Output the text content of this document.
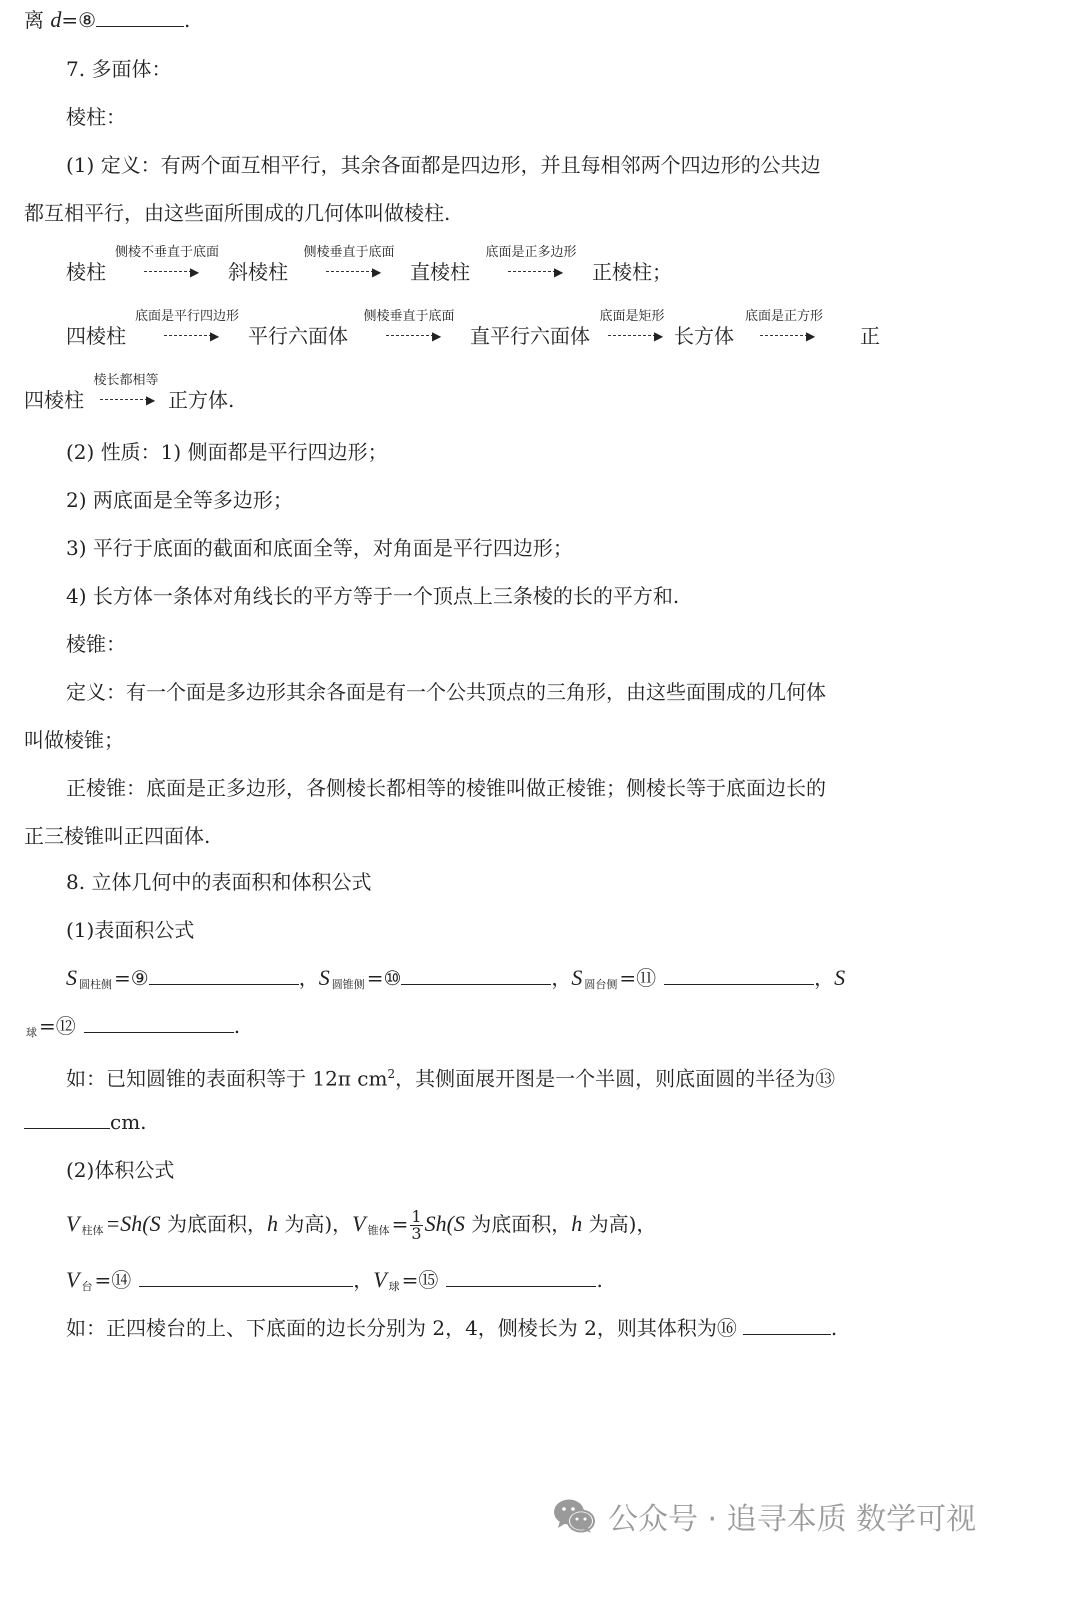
离 d=⑧	.
7. 多面体：
棱柱：
(1) 定义：有两个面互相平行，其余各面都是四边形，并且每相邻两个四边形的公共边
都互相平行，由这些面所围成的几何体叫做棱柱.
棱柱
侧棱不垂直于底面
▶ 斜棱柱
侧棱垂直于底面
▶ 直棱柱
底面是正多边形
▶ 正棱柱；
四棱柱
底面是平行四边形
▶ 平行六面体
侧棱垂直于底面
▶ 直平行六面体
底面是矩形
▶ 长方体
底面是正方形
▶ 正
四棱柱
棱长都相等
▶ 正方体.
(2) 性质：1) 侧面都是平行四边形；
2) 两底面是全等多边形；
3) 平行于底面的截面和底面全等，对角面是平行四边形；
4) 长方体一条体对角线长的平方等于一个顶点上三条棱的长的平方和.
棱锥：
定义：有一个面是多边形其余各面是有一个公共顶点的三角形，由这些面围成的几何体
叫做棱锥；
正棱锥：底面是正多边形，各侧棱长都相等的棱锥叫做正棱锥；侧棱长等于底面边长的
正三棱锥叫正四面体.
8. 立体几何中的表面积和体积公式
(1)表面积公式
S $_{圆柱侧}$ =⑨	，S $_{圆锥侧}$ =⑩	，S $_{圆台侧}$ =⑪	，S
$_球$ =⑫	.
如：已知圆锥的表面积等于 12π $cm^2$，其侧面展开图是一个半圆，则底面圆的半径为⑬
cm.
(2)体积公式
V $_{柱体}$=Sh(S 为底面积，h 为高)，V $_{锥体} = \frac{1}{3} Sh(S$ 为底面积，h 为高)，
V $_台$ =⑭	，V $_球$ =⑮	.
如：正四棱台的上、下底面的边长分别为 2，4，侧棱长为 2，则其体积为⑯	.
公众号 · 追寻本质 数学可视
